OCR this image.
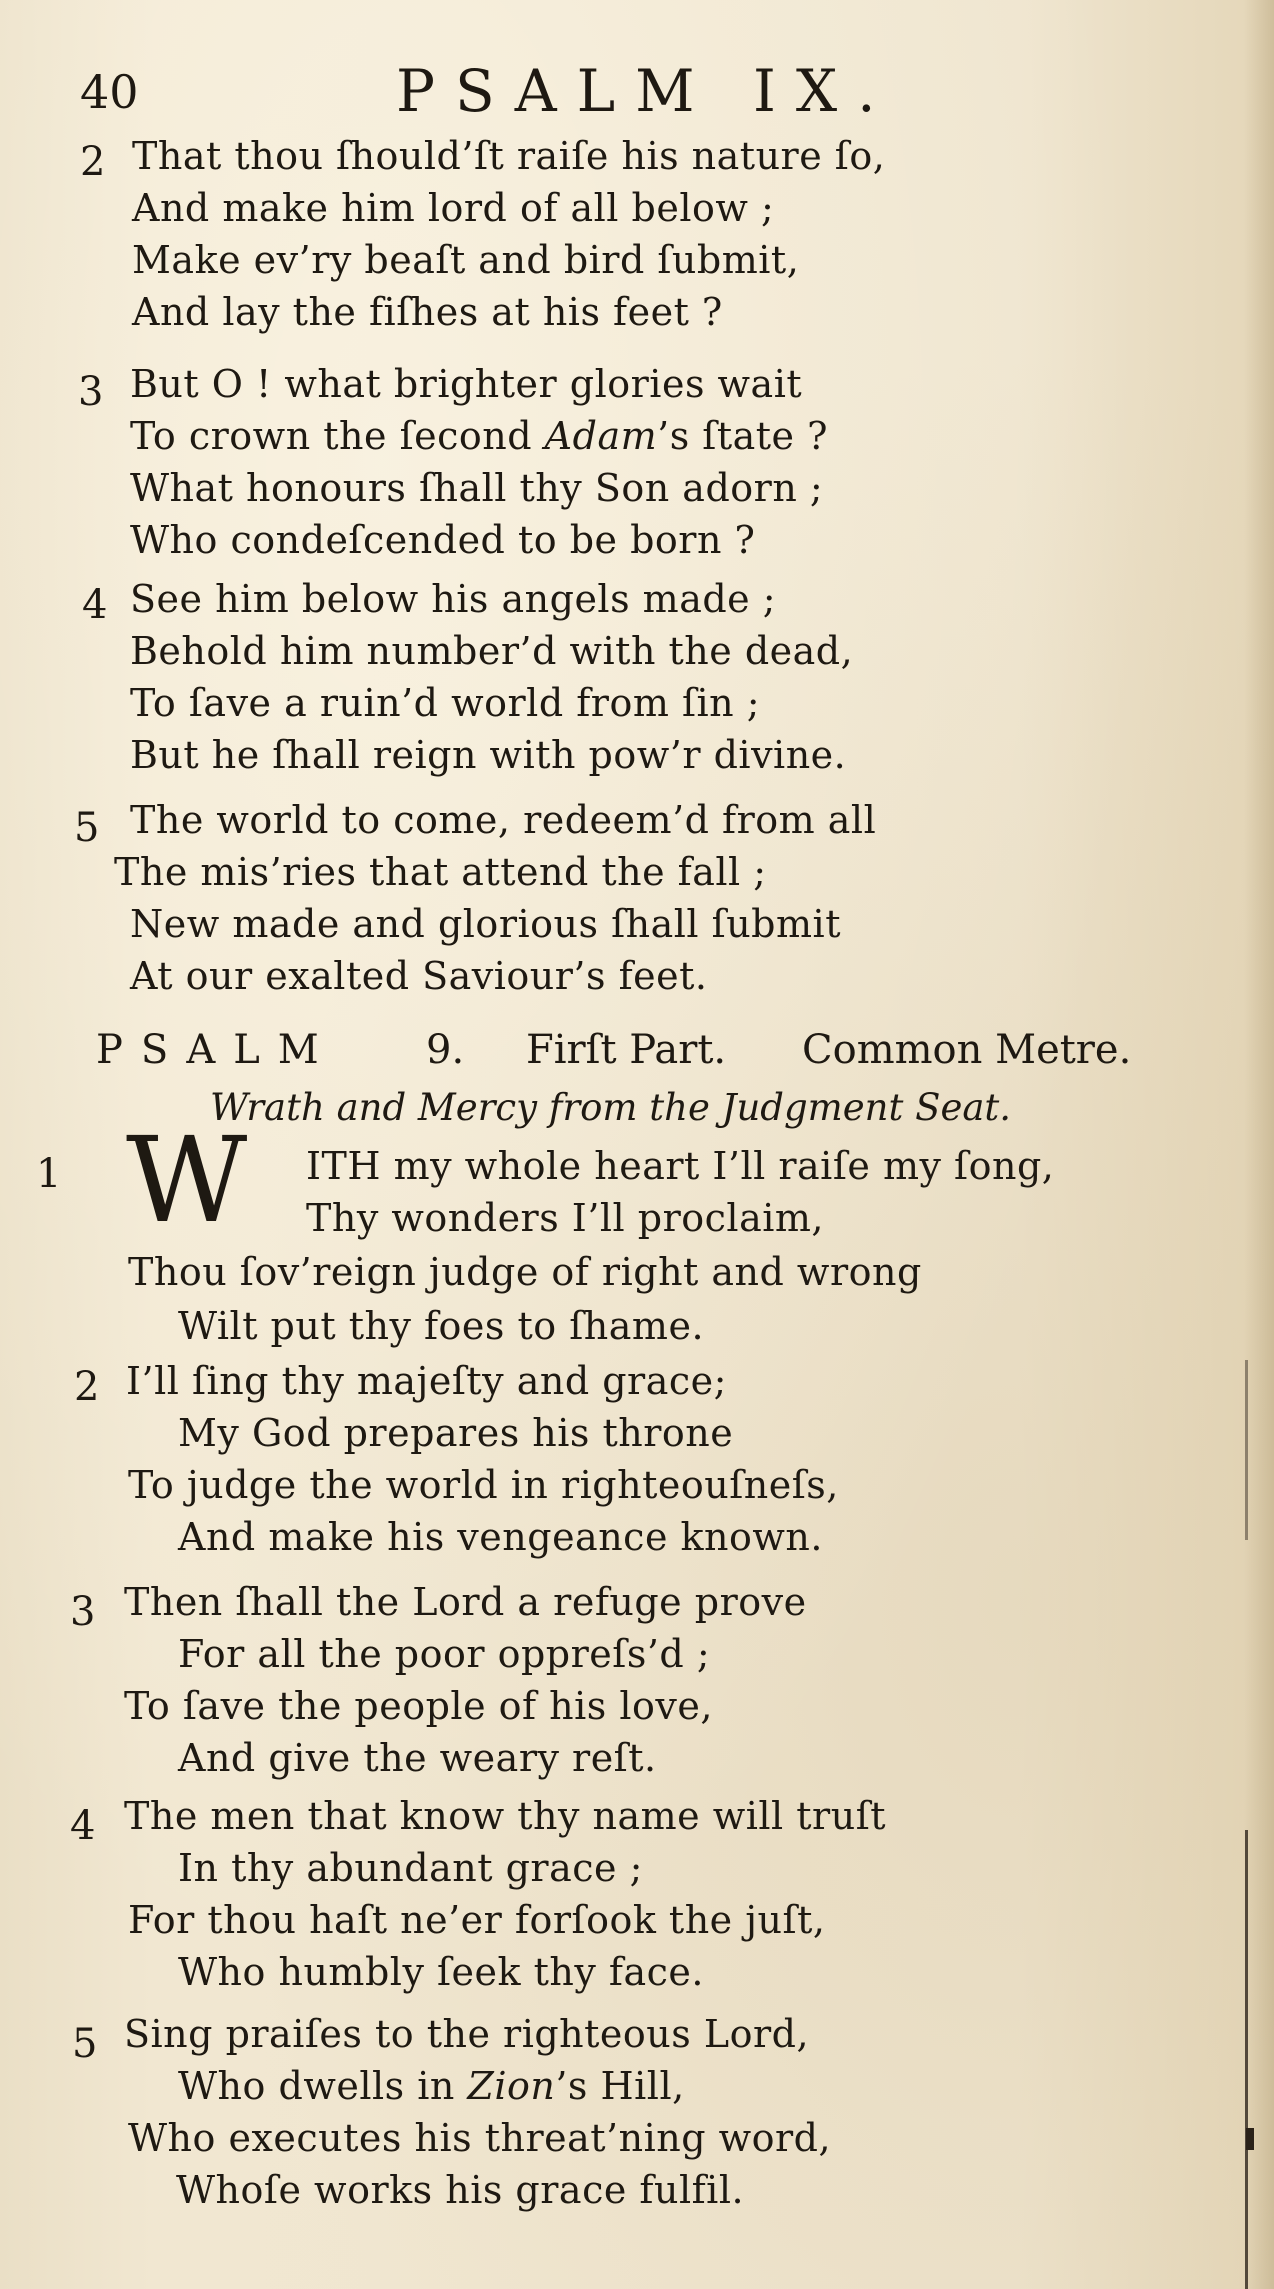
40	PSALM IX.
2 That thou ſhould’ſt raiſe his nature ſo,
And make him lord of all below ;
Make ev’ry beaſt and bird ſubmit,
And lay the fiſhes at his feet ?
3 But O ! what brighter glories wait
To crown the ſecond Adam’s ſtate ?
What honours ſhall thy Son adorn ;
Who condeſcended to be born ?
4 See him below his angels made ;
Behold him number’d with the dead,
To ſave a ruin’d world from ſin ;
But he ſhall reign with pow’r divine.
5 The world to come, redeem’d from all
The mis’ries that attend the fall ;
New made and glorious ſhall ſubmit
At our exalted Saviour’s feet.
PSALM 9. Firſt Part. Common Metre.
Wrath and Mercy from the Judgment Seat.
1	ITH my whole heart I’ll raiſe my ſong,
Thy wonders I’ll proclaim,
Thou ſov’reign judge of right and wrong
Wilt put thy foes to ſhame.
W
2 I’ll ſing thy majeſty and grace;
My God prepares his throne
To judge the world in righteouſneſs,
And make his vengeance known.
3 Then ſhall the Lord a refuge prove
For all the poor oppreſs’d ;
To ſave the people of his love,
And give the weary reſt.
4 The men that know thy name will truſt
In thy abundant grace ;
For thou haſt ne’er forſook the juſt,
Who humbly ſeek thy face.
5 Sing praiſes to the righteous Lord,
Who dwells in Zion’s Hill,
Who executes his threat’ning word,
Whoſe works his grace fulfil.
